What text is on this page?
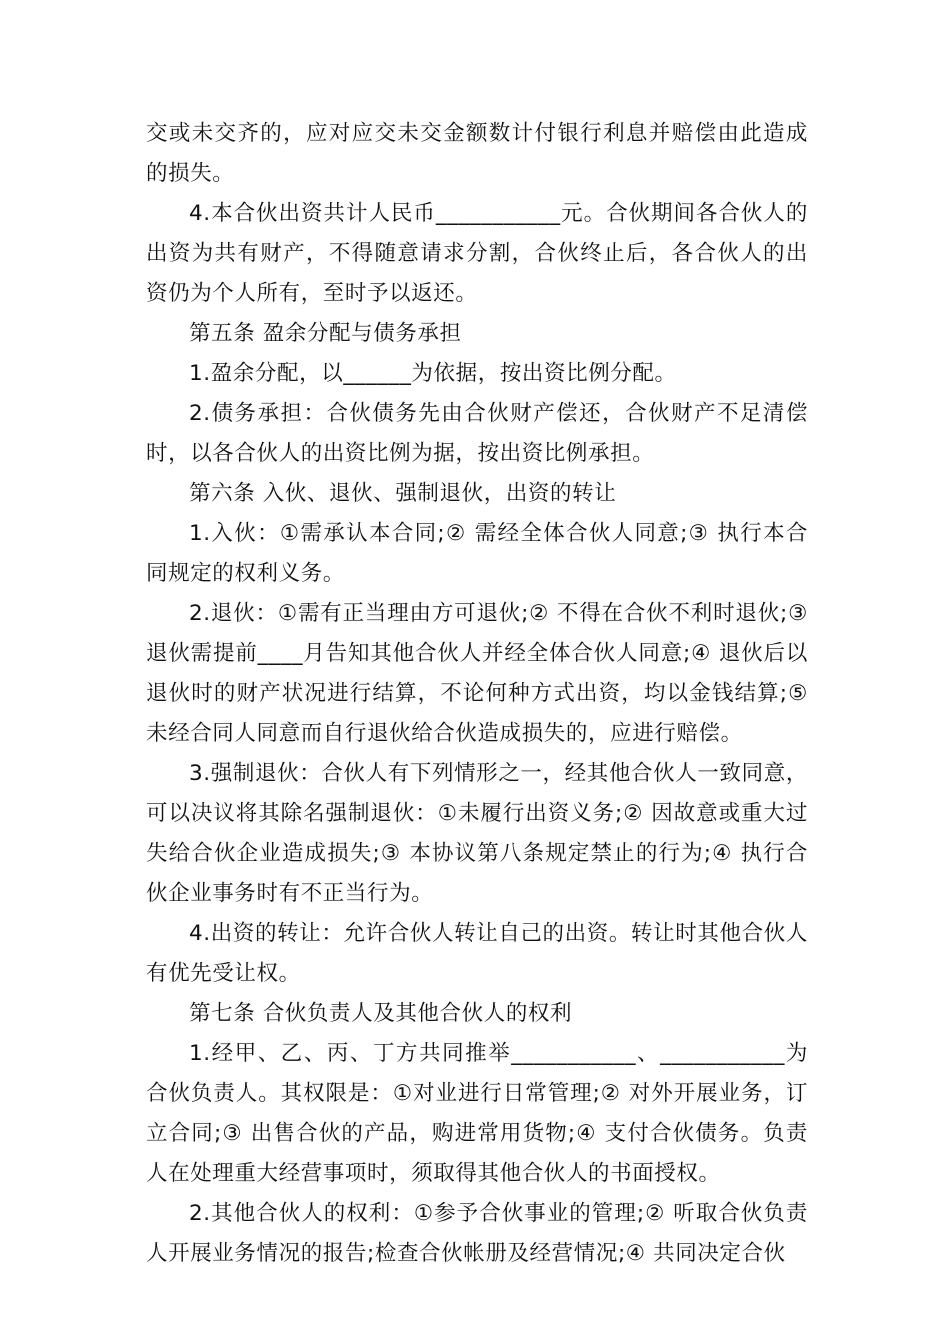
交或未交齐的，应对应交未交金额数计付银行利息并赔偿由此造成的损失。

4.本合伙出资共计人民币___________元。合伙期间各合伙人的出资为共有财产，不得随意请求分割，合伙终止后，各合伙人的出资仍为个人所有，至时予以返还。

第五条 盈余分配与债务承担

1.盈余分配，以______为依据，按出资比例分配。

2.债务承担：合伙债务先由合伙财产偿还，合伙财产不足清偿时，以各合伙人的出资比例为据，按出资比例承担。

第六条 入伙、退伙、强制退伙，出资的转让

1.入伙：①需承认本合同;② 需经全体合伙人同意;③ 执行本合同规定的权利义务。

2.退伙：①需有正当理由方可退伙;② 不得在合伙不利时退伙;③退伙需提前____月告知其他合伙人并经全体合伙人同意;④ 退伙后以退伙时的财产状况进行结算，不论何种方式出资，均以金钱结算;⑤未经合同人同意而自行退伙给合伙造成损失的，应进行赔偿。

3.强制退伙：合伙人有下列情形之一，经其他合伙人一致同意，可以决议将其除名强制退伙：①未履行出资义务;② 因故意或重大过失给合伙企业造成损失;③ 本协议第八条规定禁止的行为;④ 执行合伙企业事务时有不正当行为。

4.出资的转让：允许合伙人转让自己的出资。转让时其他合伙人有优先受让权。

第七条 合伙负责人及其他合伙人的权利

1.经甲、乙、丙、丁方共同推举___________、___________为合伙负责人。其权限是：①对业进行日常管理;② 对外开展业务，订立合同;③ 出售合伙的产品，购进常用货物;④ 支付合伙债务。负责人在处理重大经营事项时，须取得其他合伙人的书面授权。

2.其他合伙人的权利：①参予合伙事业的管理;② 听取合伙负责人开展业务情况的报告;检查合伙帐册及经营情况;④ 共同决定合伙
